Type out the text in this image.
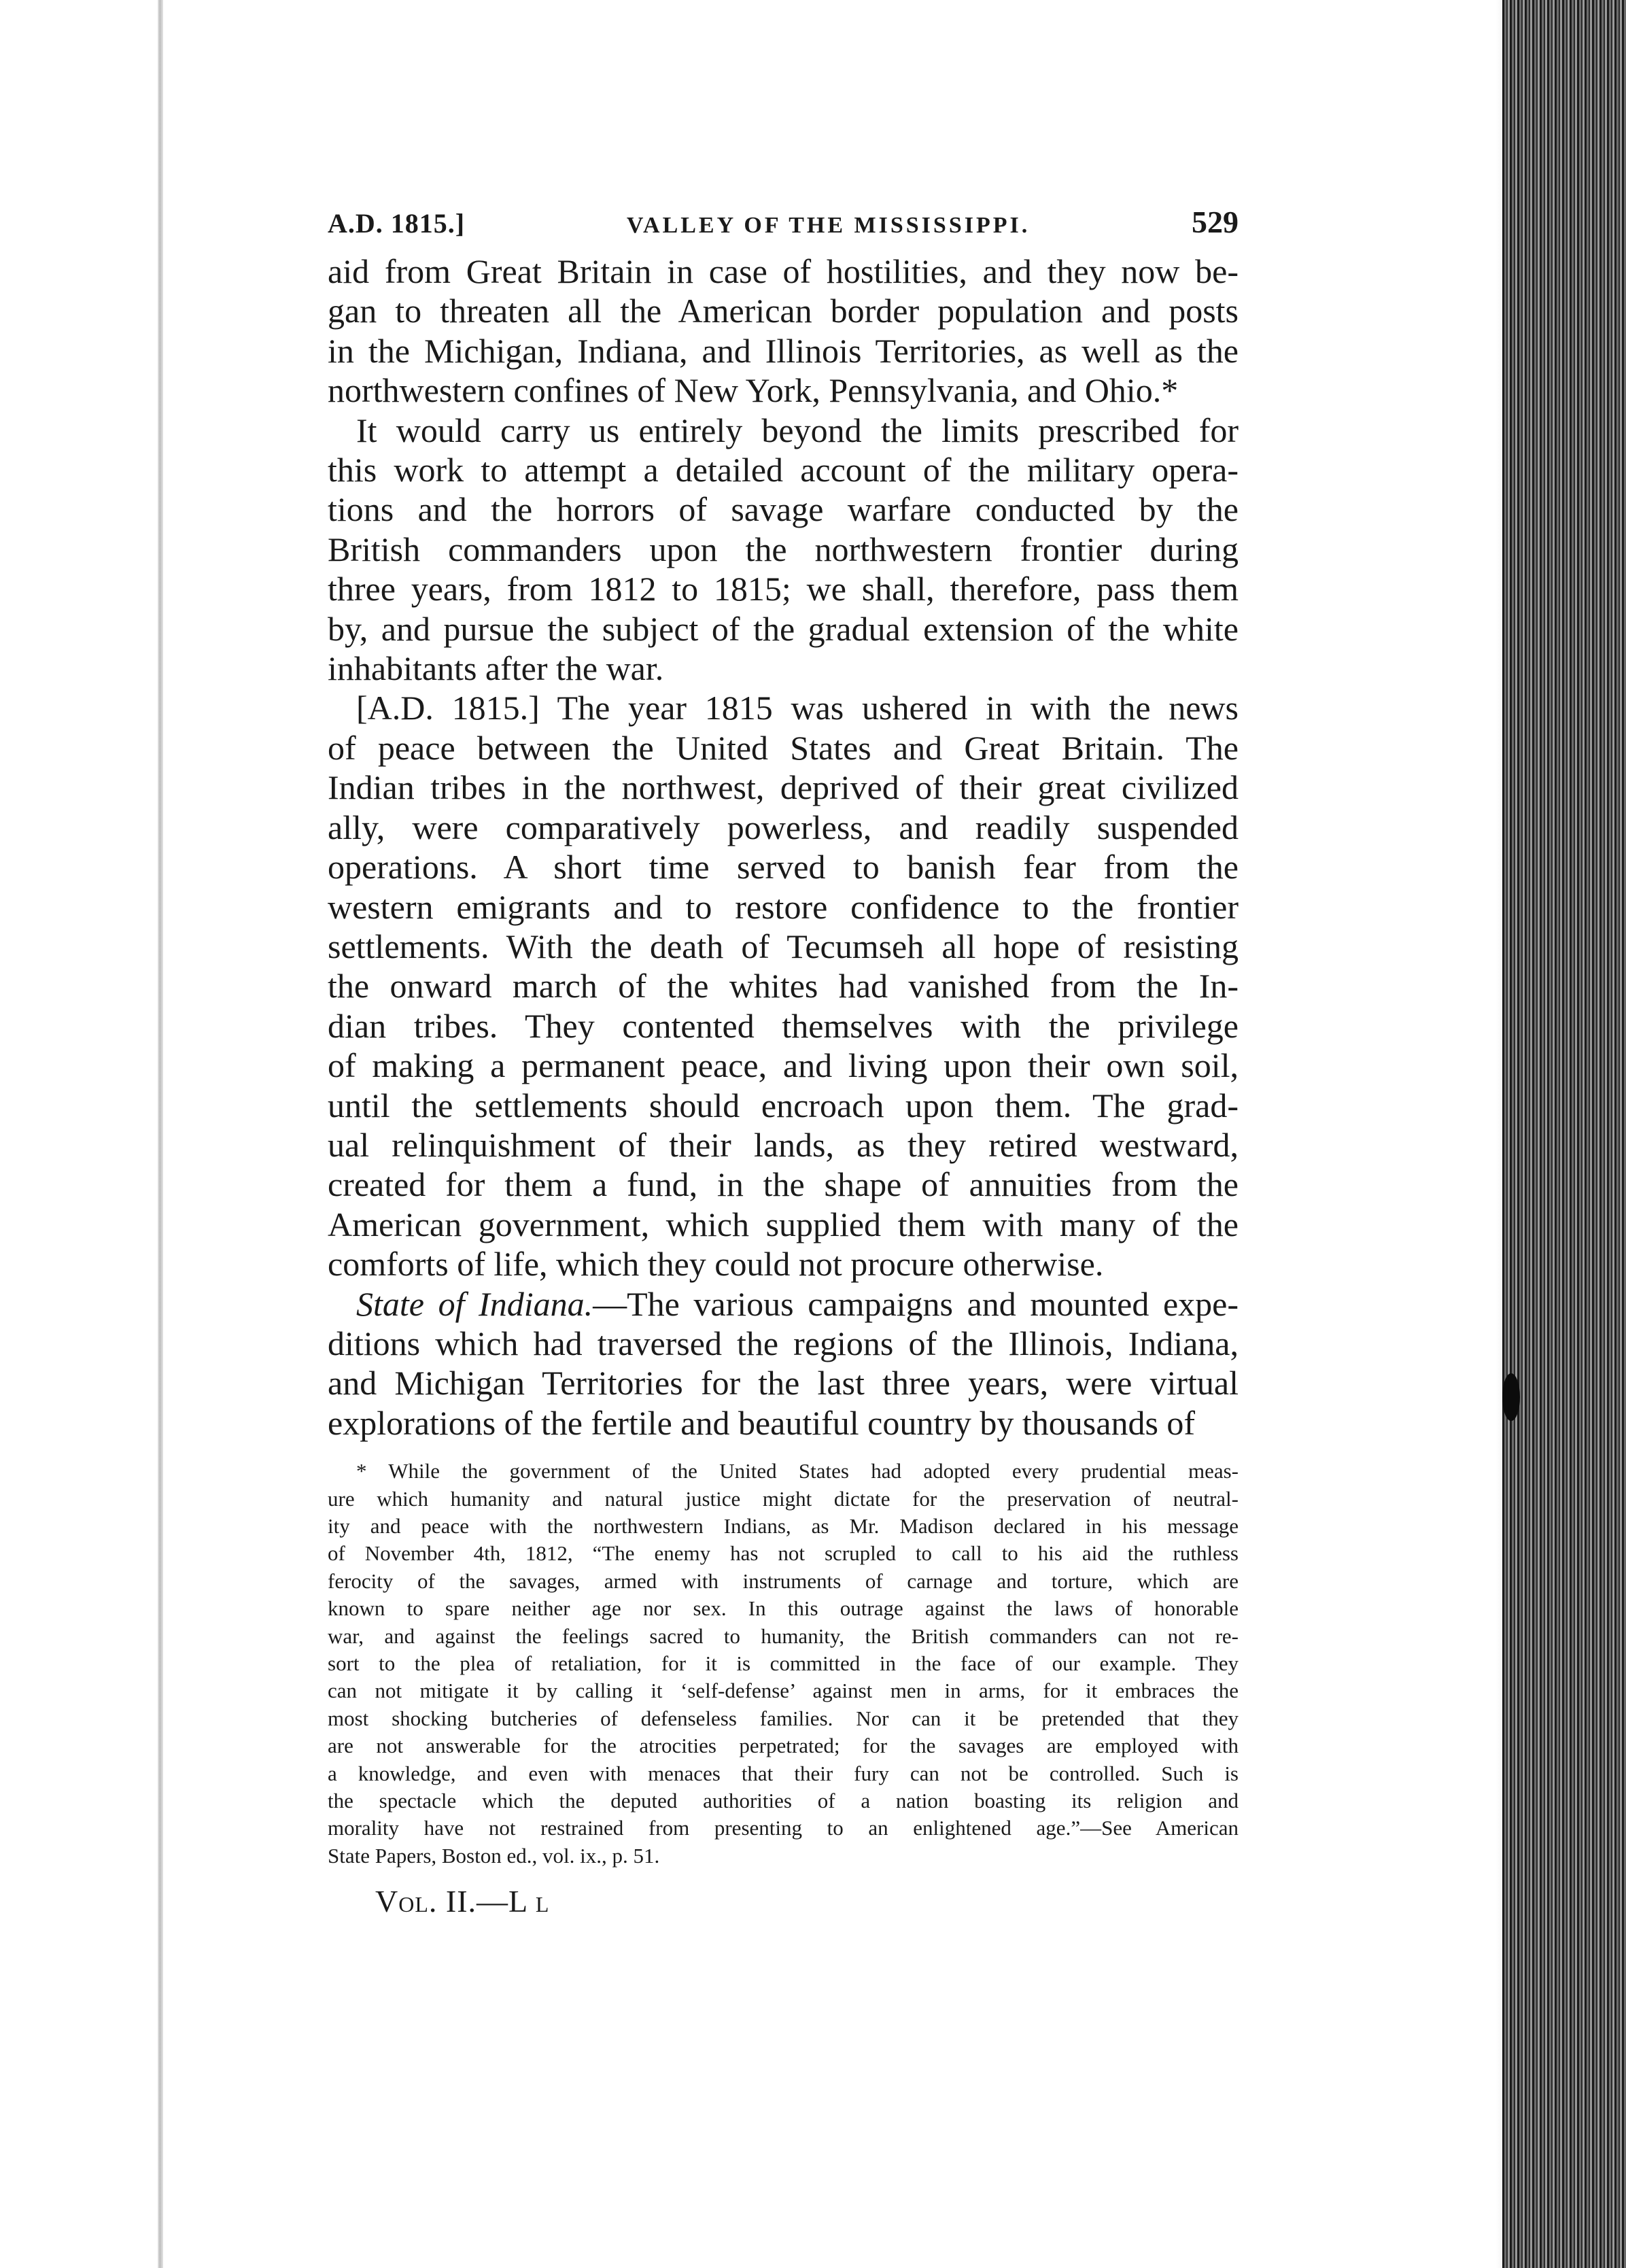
A.D. 1815.]	VALLEY OF THE MISSISSIPPI.	529

aid from Great Britain in case of hostilities, and they now be-

gan to threaten all the American border population and posts

in the Michigan, Indiana, and Illinois Territories, as well as the

northwestern confines of New York, Pennsylvania, and Ohio.*

It would carry us entirely beyond the limits prescribed for

this work to attempt a detailed account of the military opera-

tions and the horrors of savage warfare conducted by the

British commanders upon the northwestern frontier during

three years, from 1812 to 1815; we shall, therefore, pass them

by, and pursue the subject of the gradual extension of the white

inhabitants after the war.

[A.D. 1815.] The year 1815 was ushered in with the news

of peace between the United States and Great Britain. The

Indian tribes in the northwest, deprived of their great civilized

ally, were comparatively powerless, and readily suspended

operations. A short time served to banish fear from the

western emigrants and to restore confidence to the frontier

settlements. With the death of Tecumseh all hope of resisting

the onward march of the whites had vanished from the In-

dian tribes. They contented themselves with the privilege

of making a permanent peace, and living upon their own soil,

until the settlements should encroach upon them. The grad-

ual relinquishment of their lands, as they retired westward,

created for them a fund, in the shape of annuities from the

American government, which supplied them with many of the

comforts of life, which they could not procure otherwise.

State of Indiana.—The various campaigns and mounted expe-

ditions which had traversed the regions of the Illinois, Indiana,

and Michigan Territories for the last three years, were virtual

explorations of the fertile and beautiful country by thousands of

* While the government of the United States had adopted every prudential meas-

ure which humanity and natural justice might dictate for the preservation of neutral-

ity and peace with the northwestern Indians, as Mr. Madison declared in his message

of November 4th, 1812, “The enemy has not scrupled to call to his aid the ruthless

ferocity of the savages, armed with instruments of carnage and torture, which are

known to spare neither age nor sex. In this outrage against the laws of honorable

war, and against the feelings sacred to humanity, the British commanders can not re-

sort to the plea of retaliation, for it is committed in the face of our example. They

can not mitigate it by calling it ‘self-defense’ against men in arms, for it embraces the

most shocking butcheries of defenseless families. Nor can it be pretended that they

are not answerable for the atrocities perpetrated; for the savages are employed with

a knowledge, and even with menaces that their fury can not be controlled. Such is

the spectacle which the deputed authorities of a nation boasting its religion and

morality have not restrained from presenting to an enlightened age.”—See American

State Papers, Boston ed., vol. ix., p. 51.

Vol. II.—L l
